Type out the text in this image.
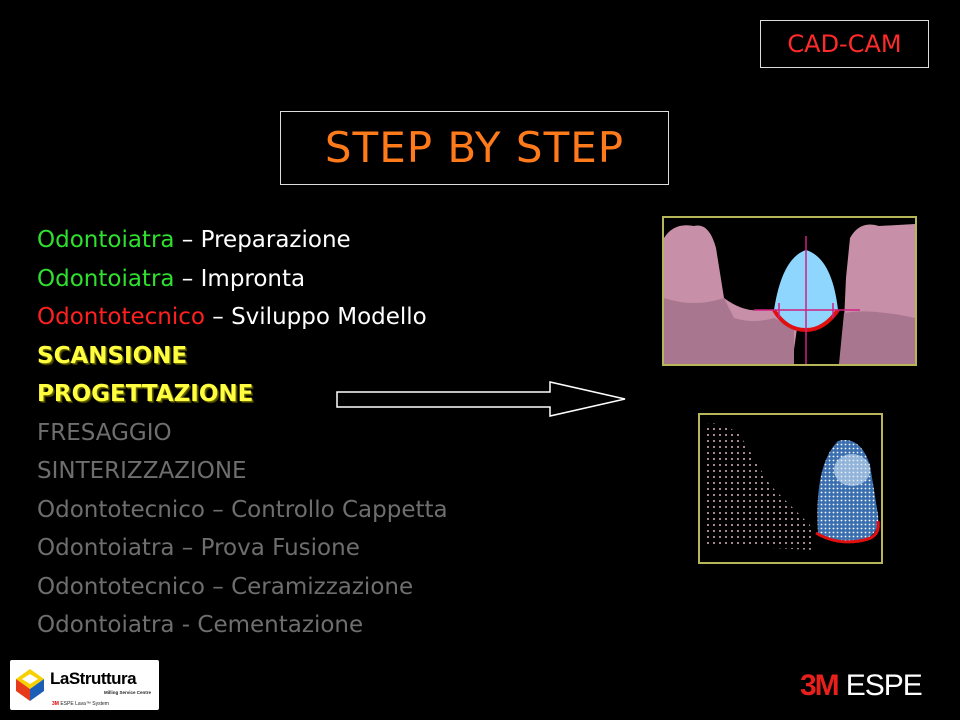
CAD-CAM
STEP BY STEP
Odontoiatra – Preparazione
Odontoiatra – Impronta
Odontotecnico – Sviluppo Modello
SCANSIONE
PROGETTAZIONE
FRESAGGIO
SINTERIZZAZIONE
Odontotecnico – Controllo Cappetta
Odontoiatra – Prova Fusione
Odontotecnico – Ceramizzazione
Odontoiatra - Cementazione
LaStruttura
Milling Service Centre
3M ESPE Lava™ System
3M ESPE
